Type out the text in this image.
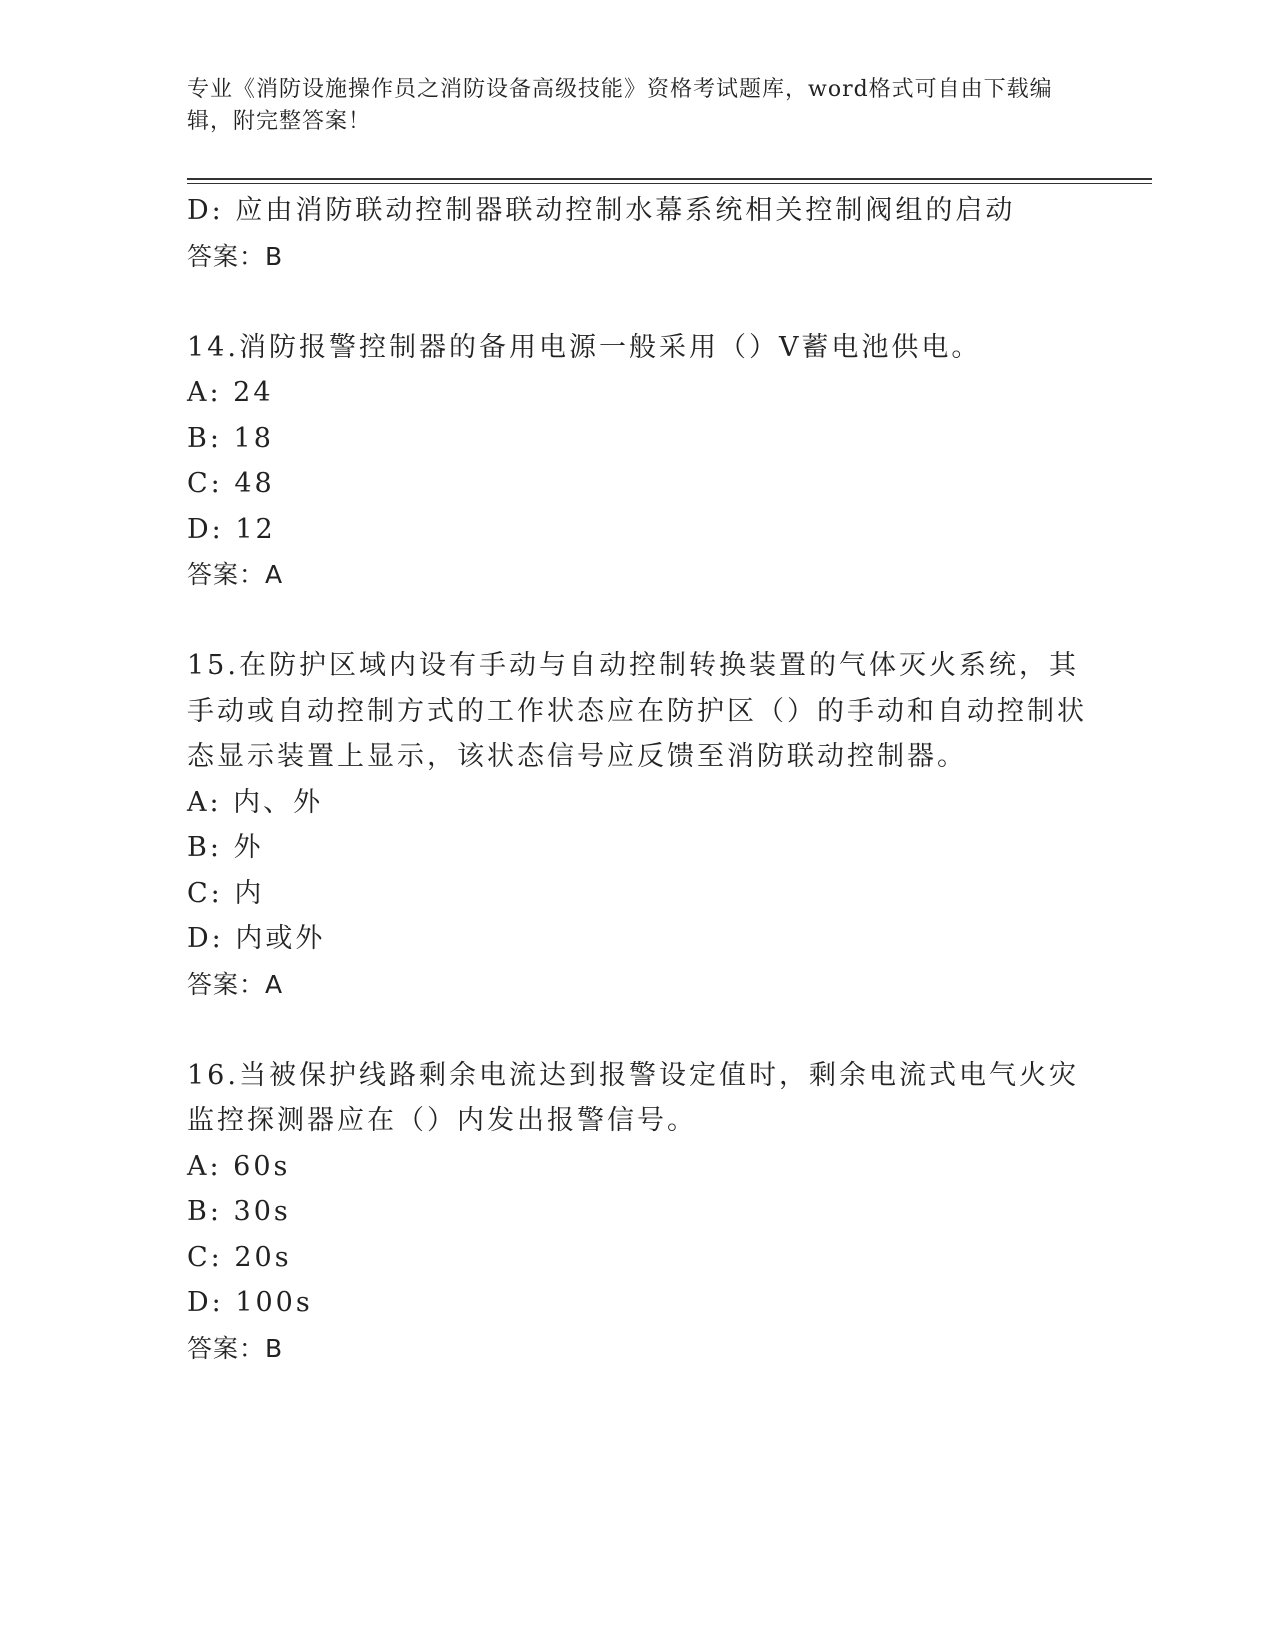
专业《消防设施操作员之消防设备高级技能》资格考试题库，word格式可自由下载编辑，附完整答案！
D: 应由消防联动控制器联动控制水幕系统相关控制阀组的启动
答案：B
14.消防报警控制器的备用电源一般采用（）V蓄电池供电。
A: 24
B: 18
C: 48
D: 12
答案：A
15.在防护区域内设有手动与自动控制转换装置的气体灭火系统，其手动或自动控制方式的工作状态应在防护区（）的手动和自动控制状态显示装置上显示，该状态信号应反馈至消防联动控制器。
A: 内、外
B: 外
C: 内
D: 内或外
答案：A
16.当被保护线路剩余电流达到报警设定值时，剩余电流式电气火灾监控探测器应在（）内发出报警信号。
A: 60s
B: 30s
C: 20s
D: 100s
答案：B
